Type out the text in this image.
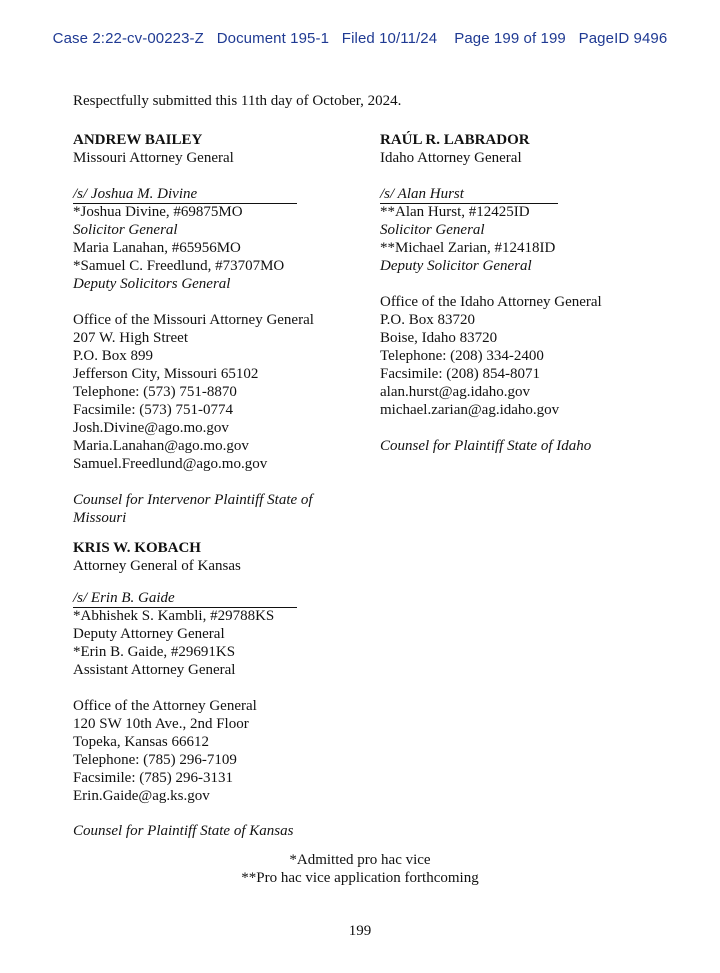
Case 2:22-cv-00223-Z   Document 195-1   Filed 10/11/24    Page 199 of 199   PageID 9496
Respectfully submitted this 11th day of October, 2024.
ANDREW BAILEY
Missouri Attorney General
/s/ Joshua M. Divine
*Joshua Divine, #69875MO
Solicitor General
Maria Lanahan, #65956MO
*Samuel C. Freedlund, #73707MO
Deputy Solicitors General
Office of the Missouri Attorney General
207 W. High Street
P.O. Box 899
Jefferson City, Missouri 65102
Telephone: (573) 751-8870
Facsimile: (573) 751-0774
Josh.Divine@ago.mo.gov
Maria.Lanahan@ago.mo.gov
Samuel.Freedlund@ago.mo.gov
Counsel for Intervenor Plaintiff State of
Missouri
RAÚL R. LABRADOR
Idaho Attorney General
/s/ Alan Hurst
**Alan Hurst, #12425ID
Solicitor General
**Michael Zarian, #12418ID
Deputy Solicitor General
Office of the Idaho Attorney General
P.O. Box 83720
Boise, Idaho 83720
Telephone: (208) 334-2400
Facsimile: (208) 854-8071
alan.hurst@ag.idaho.gov
michael.zarian@ag.idaho.gov
Counsel for Plaintiff State of Idaho
KRIS W. KOBACH
Attorney General of Kansas
/s/ Erin B. Gaide
*Abhishek S. Kambli, #29788KS
Deputy Attorney General
*Erin B. Gaide, #29691KS
Assistant Attorney General
Office of the Attorney General
120 SW 10th Ave., 2nd Floor
Topeka, Kansas 66612
Telephone: (785) 296-7109
Facsimile: (785) 296-3131
Erin.Gaide@ag.ks.gov
Counsel for Plaintiff State of Kansas
*Admitted pro hac vice
**Pro hac vice application forthcoming
199
